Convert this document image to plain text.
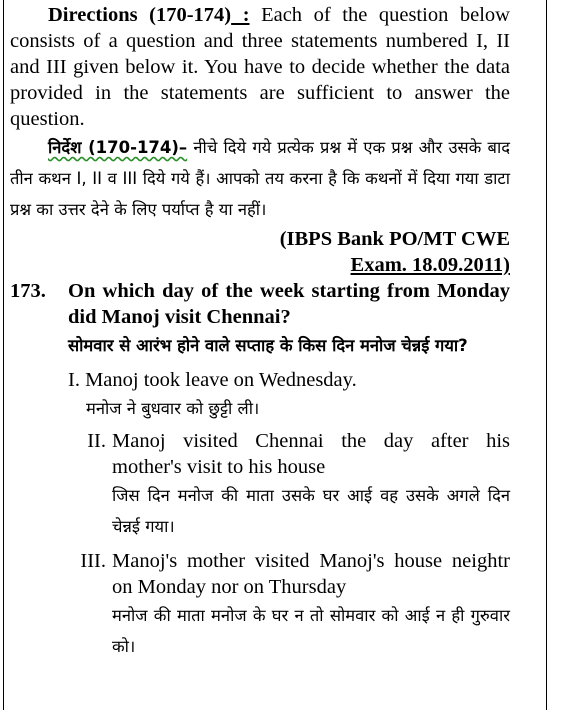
Directions (170-174) : Each of the question below consists of a question and three statements numbered I, II and III given below it. You have to decide whether the data provided in the statements are sufficient to answer the question.

निर्देश (170-174)– नीचे दिये गये प्रत्येक प्रश्न में एक प्रश्न और उसके बाद तीन कथन I, II व III दिये गये हैं। आपको तय करना है कि कथनों में दिया गया डाटा प्रश्न का उत्तर देने के लिए पर्याप्त है या नहीं।

(IBPS Bank PO/MT CWE

Exam. 18.09.2011)

173.	On which day of the week starting from Monday did Manoj visit Chennai?

सोमवार से आरंभ होने वाले सप्ताह के किस दिन मनोज चेन्नई गया?

I. Manoj took leave on Wednesday.

मनोज ने बुधवार को छुट्टी ली।

II. Manoj visited Chennai the day after his mother's visit to his house

जिस दिन मनोज की माता उसके घर आई वह उसके अगले दिन चेन्नई गया।

III. Manoj's mother visited Manoj's house neightr on Monday nor on Thursday

मनोज की माता मनोज के घर न तो सोमवार को आई न ही गुरुवार को।
